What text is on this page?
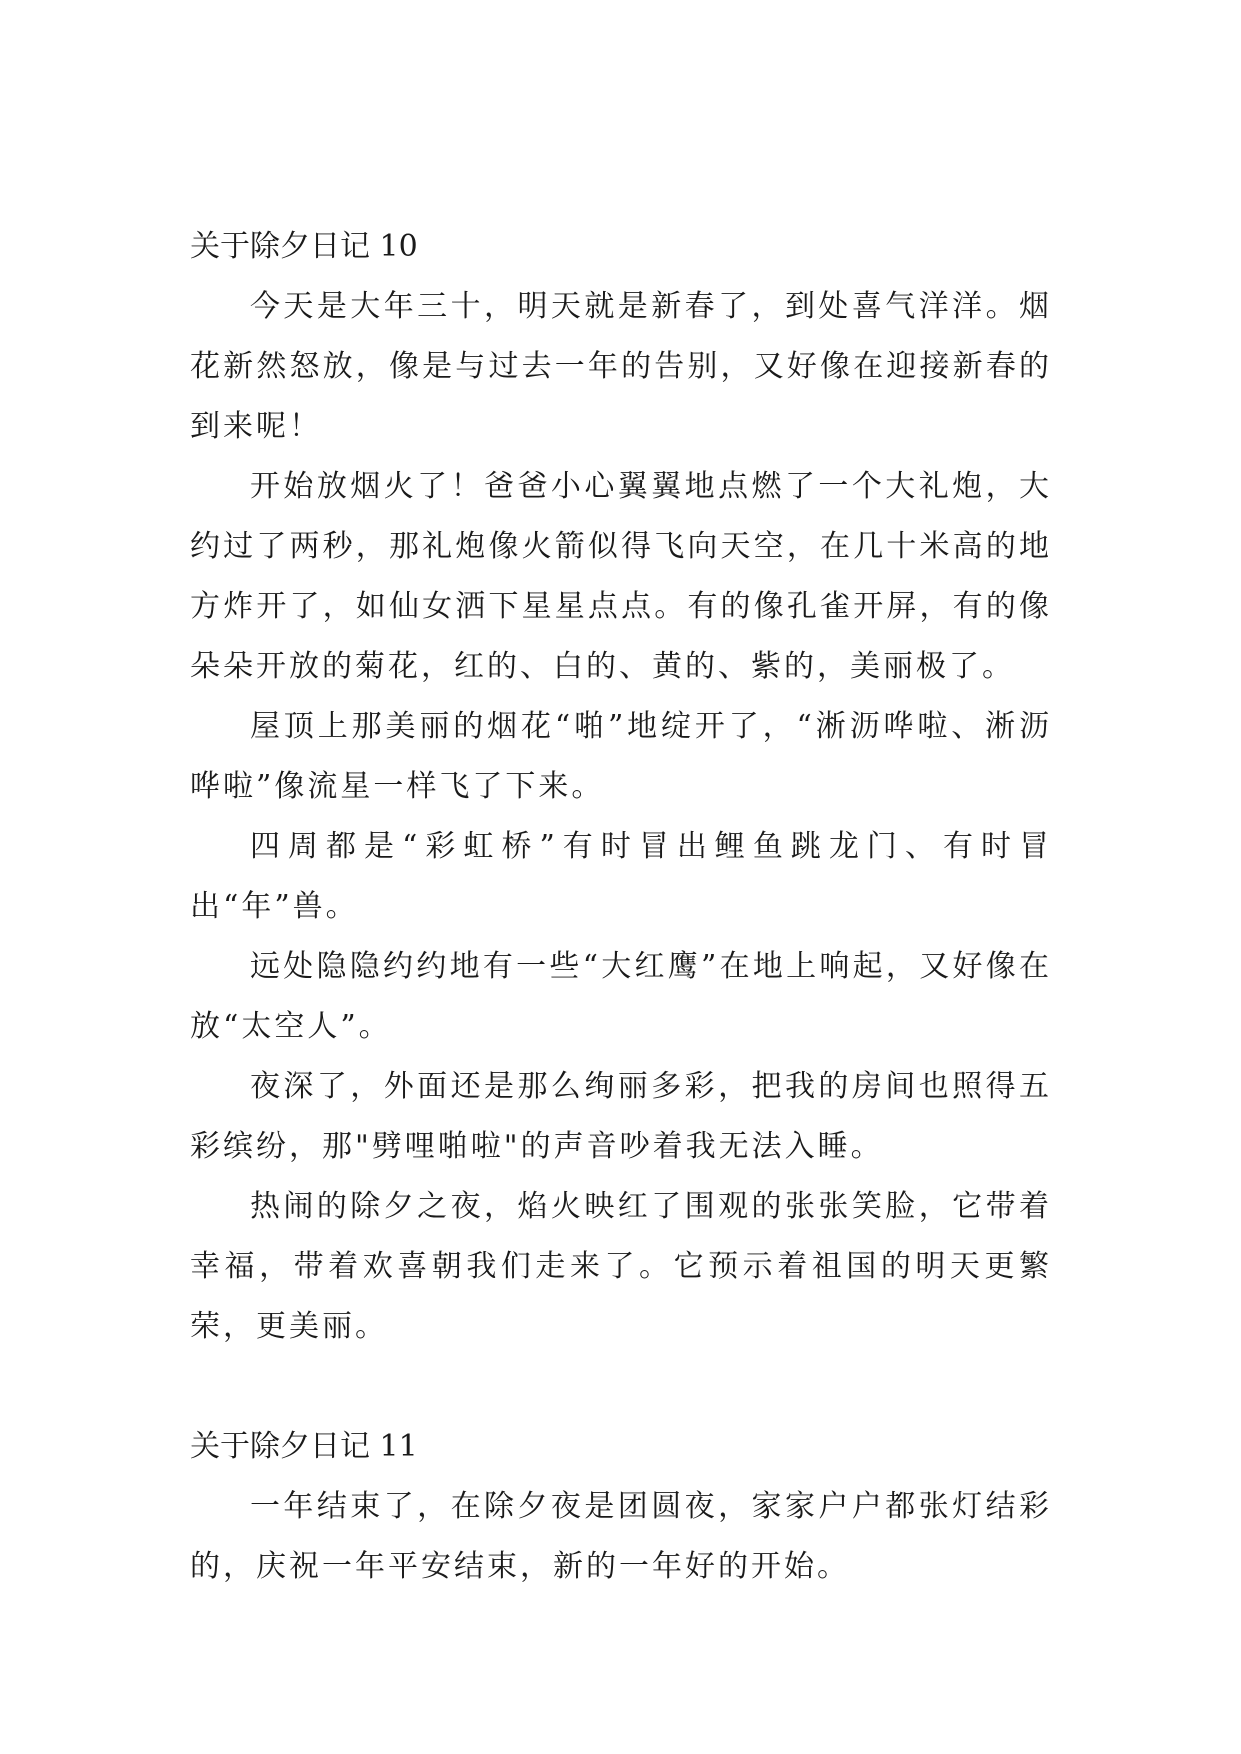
关于除夕日记 10

今天是大年三十，明天就是新春了，到处喜气洋洋。烟花新然怒放，像是与过去一年的告别，又好像在迎接新春的到来呢！

开始放烟火了！爸爸小心翼翼地点燃了一个大礼炮，大约过了两秒，那礼炮像火箭似得飞向天空，在几十米高的地方炸开了，如仙女洒下星星点点。有的像孔雀开屏，有的像朵朵开放的菊花，红的、白的、黄的、紫的，美丽极了。

屋顶上那美丽的烟花“啪”地绽开了，“淅沥哗啦、淅沥哗啦”像流星一样飞了下来。

四周都是“彩虹桥”有时冒出鲤鱼跳龙门、有时冒出“年”兽。

远处隐隐约约地有一些“大红鹰”在地上响起，又好像在放“太空人”。

夜深了，外面还是那么绚丽多彩，把我的房间也照得五彩缤纷，那"劈哩啪啦"的声音吵着我无法入睡。

热闹的除夕之夜，焰火映红了围观的张张笑脸，它带着幸福，带着欢喜朝我们走来了。它预示着祖国的明天更繁荣，更美丽。

关于除夕日记 11

一年结束了，在除夕夜是团圆夜，家家户户都张灯结彩的，庆祝一年平安结束，新的一年好的开始。
